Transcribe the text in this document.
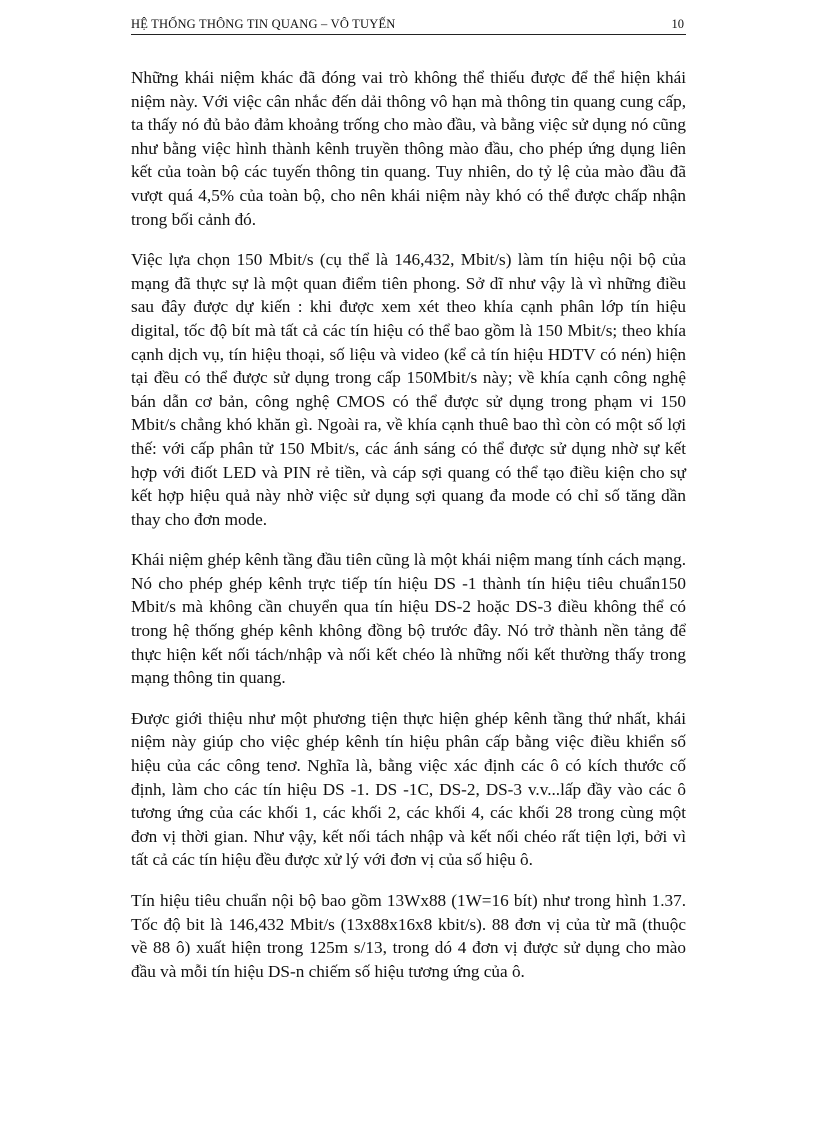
HỆ THỐNG THÔNG TIN QUANG – VÔ TUYẾN	10

Những khái niệm khác đã đóng vai trò không thể thiếu được để thể hiện khái niệm này. Với việc cân nhắc đến dải thông vô hạn mà thông tin quang cung cấp, ta thấy nó đủ bảo đảm khoảng trống cho mào đầu, và bằng việc sử dụng nó cũng như bằng việc hình thành kênh truyền thông mào đầu, cho phép ứng dụng liên kết của toàn bộ các tuyến thông tin quang. Tuy nhiên, do tỷ lệ của mào đầu đã vượt quá 4,5% của toàn bộ, cho nên khái niệm này khó có thể được chấp nhận trong bối cảnh đó.

Việc lựa chọn 150 Mbit/s (cụ thể là 146,432, Mbit/s) làm tín hiệu nội bộ của mạng đã thực sự là một quan điểm tiên phong. Sở dĩ như vậy là vì những điều sau đây được dự kiến : khi được xem xét theo khía cạnh phân lớp tín hiệu digital, tốc độ bít mà tất cả các tín hiệu có thể bao gồm là 150 Mbit/s; theo khía cạnh dịch vụ, tín hiệu thoại, số liệu và video (kể cả tín hiệu HDTV có nén) hiện tại đều có thể được sử dụng trong cấp 150Mbit/s này; về khía cạnh công nghệ bán dẫn cơ bản, công nghệ CMOS có thể được sử dụng trong phạm vi 150 Mbit/s chẳng khó khăn gì. Ngoài ra, về khía cạnh thuê bao thì còn có một số lợi thế: với cấp phân tử 150 Mbit/s, các ánh sáng có thể được sử dụng nhờ sự kết hợp với điốt LED và PIN rẻ tiền, và cáp sợi quang có thể tạo điều kiện cho sự kết hợp hiệu quả này nhờ việc sử dụng sợi quang đa mode có chỉ số tăng dần thay cho đơn mode.

Khái niệm ghép kênh tầng đầu tiên cũng là một khái niệm mang tính cách mạng. Nó cho phép ghép kênh trực tiếp tín hiệu DS -1 thành tín hiệu tiêu chuẩn150 Mbit/s mà không cần chuyển qua tín hiệu DS-2 hoặc DS-3 điều không thể có trong hệ thống ghép kênh không đồng bộ trước đây. Nó trở thành nền tảng để thực hiện kết nối tách/nhập và nối kết chéo là những nối kết thường thấy trong mạng thông tin quang.

Được giới thiệu như một phương tiện thực hiện ghép kênh tầng thứ nhất, khái niệm này giúp cho việc ghép kênh tín hiệu phân cấp bằng việc điều khiển số hiệu của các công tenơ. Nghĩa là, bằng việc xác định các ô có kích thước cố định, làm cho các tín hiệu DS -1. DS -1C, DS-2, DS-3 v.v...lấp đầy vào các ô tương ứng của các khối 1, các khối 2, các khối 4, các khối 28 trong cùng một đơn vị thời gian. Như vậy, kết nối tách nhập và kết nối chéo rất tiện lợi, bởi vì tất cả các tín hiệu đều được xử lý với đơn vị của số hiệu ô.

Tín hiệu tiêu chuẩn nội bộ bao gồm 13Wx88 (1W=16 bít) như trong hình 1.37. Tốc độ bit là 146,432 Mbit/s (13x88x16x8 kbit/s). 88 đơn vị của từ mã (thuộc về 88 ô) xuất hiện trong 125m s/13, trong dó 4 đơn vị được sử dụng cho mào đầu và mỗi tín hiệu DS-n chiếm số hiệu tương ứng của ô.
